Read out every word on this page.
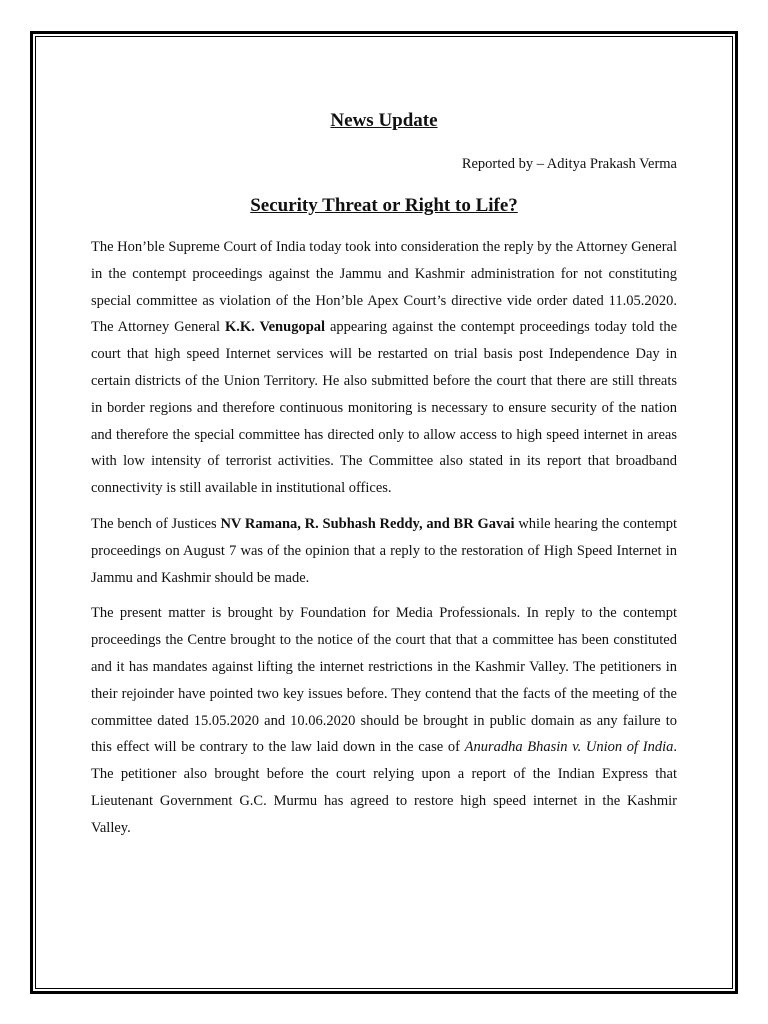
News Update

Reported by – Aditya Prakash Verma

Security Threat or Right to Life?

The Hon’ble Supreme Court of India today took into consideration the reply by the Attorney General in the contempt proceedings against the Jammu and Kashmir administration for not constituting special committee as violation of the Hon’ble Apex Court’s directive vide order dated 11.05.2020. The Attorney General K.K. Venugopal appearing against the contempt proceedings today told the court that high speed Internet services will be restarted on trial basis post Independence Day in certain districts of the Union Territory. He also submitted before the court that there are still threats in border regions and therefore continuous monitoring is necessary to ensure security of the nation and therefore the special committee has directed only to allow access to high speed internet in areas with low intensity of terrorist activities. The Committee also stated in its report that broadband connectivity is still available in institutional offices.

The bench of Justices NV Ramana, R. Subhash Reddy, and BR Gavai while hearing the contempt proceedings on August 7 was of the opinion that a reply to the restoration of High Speed Internet in Jammu and Kashmir should be made.

The present matter is brought by Foundation for Media Professionals. In reply to the contempt proceedings the Centre brought to the notice of the court that that a committee has been constituted and it has mandates against lifting the internet restrictions in the Kashmir Valley. The petitioners in their rejoinder have pointed two key issues before. They contend that the facts of the meeting of the committee dated 15.05.2020 and 10.06.2020 should be brought in public domain as any failure to this effect will be contrary to the law laid down in the case of Anuradha Bhasin v. Union of India. The petitioner also brought before the court relying upon a report of the Indian Express that Lieutenant Government G.C. Murmu has agreed to restore high speed internet in the Kashmir Valley.
